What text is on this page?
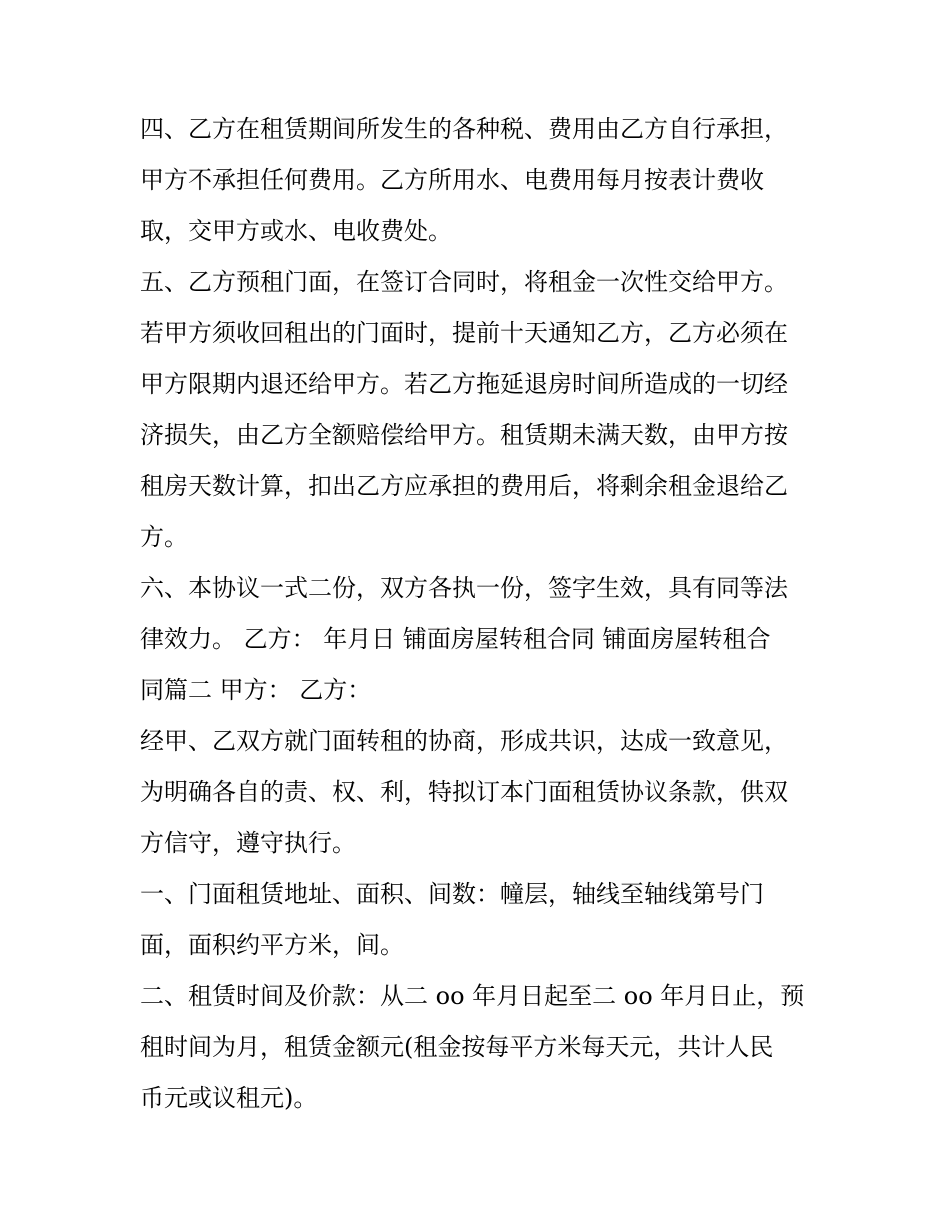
四、乙方在租赁期间所发生的各种税、费用由乙方自行承担，
甲方不承担任何费用。乙方所用水、电费用每月按表计费收
取，交甲方或水、电收费处。
五、乙方预租门面，在签订合同时，将租金一次性交给甲方。
若甲方须收回租出的门面时，提前十天通知乙方，乙方必须在
甲方限期内退还给甲方。若乙方拖延退房时间所造成的一切经
济损失，由乙方全额赔偿给甲方。租赁期未满天数，由甲方按
租房天数计算，扣出乙方应承担的费用后，将剩余租金退给乙
方。
六、本协议一式二份，双方各执一份，签字生效，具有同等法
律效力。 乙方： 年月日 铺面房屋转租合同 铺面房屋转租合
同篇二 甲方： 乙方：
经甲、乙双方就门面转租的协商，形成共识，达成一致意见，
为明确各自的责、权、利，特拟订本门面租赁协议条款，供双
方信守，遵守执行。
一、门面租赁地址、面积、间数：幢层，轴线至轴线第号门
面，面积约平方米，间。
二、租赁时间及价款：从二 oo 年月日起至二 oo 年月日止，预
租时间为月，租赁金额元(租金按每平方米每天元，共计人民
币元或议租元)。
